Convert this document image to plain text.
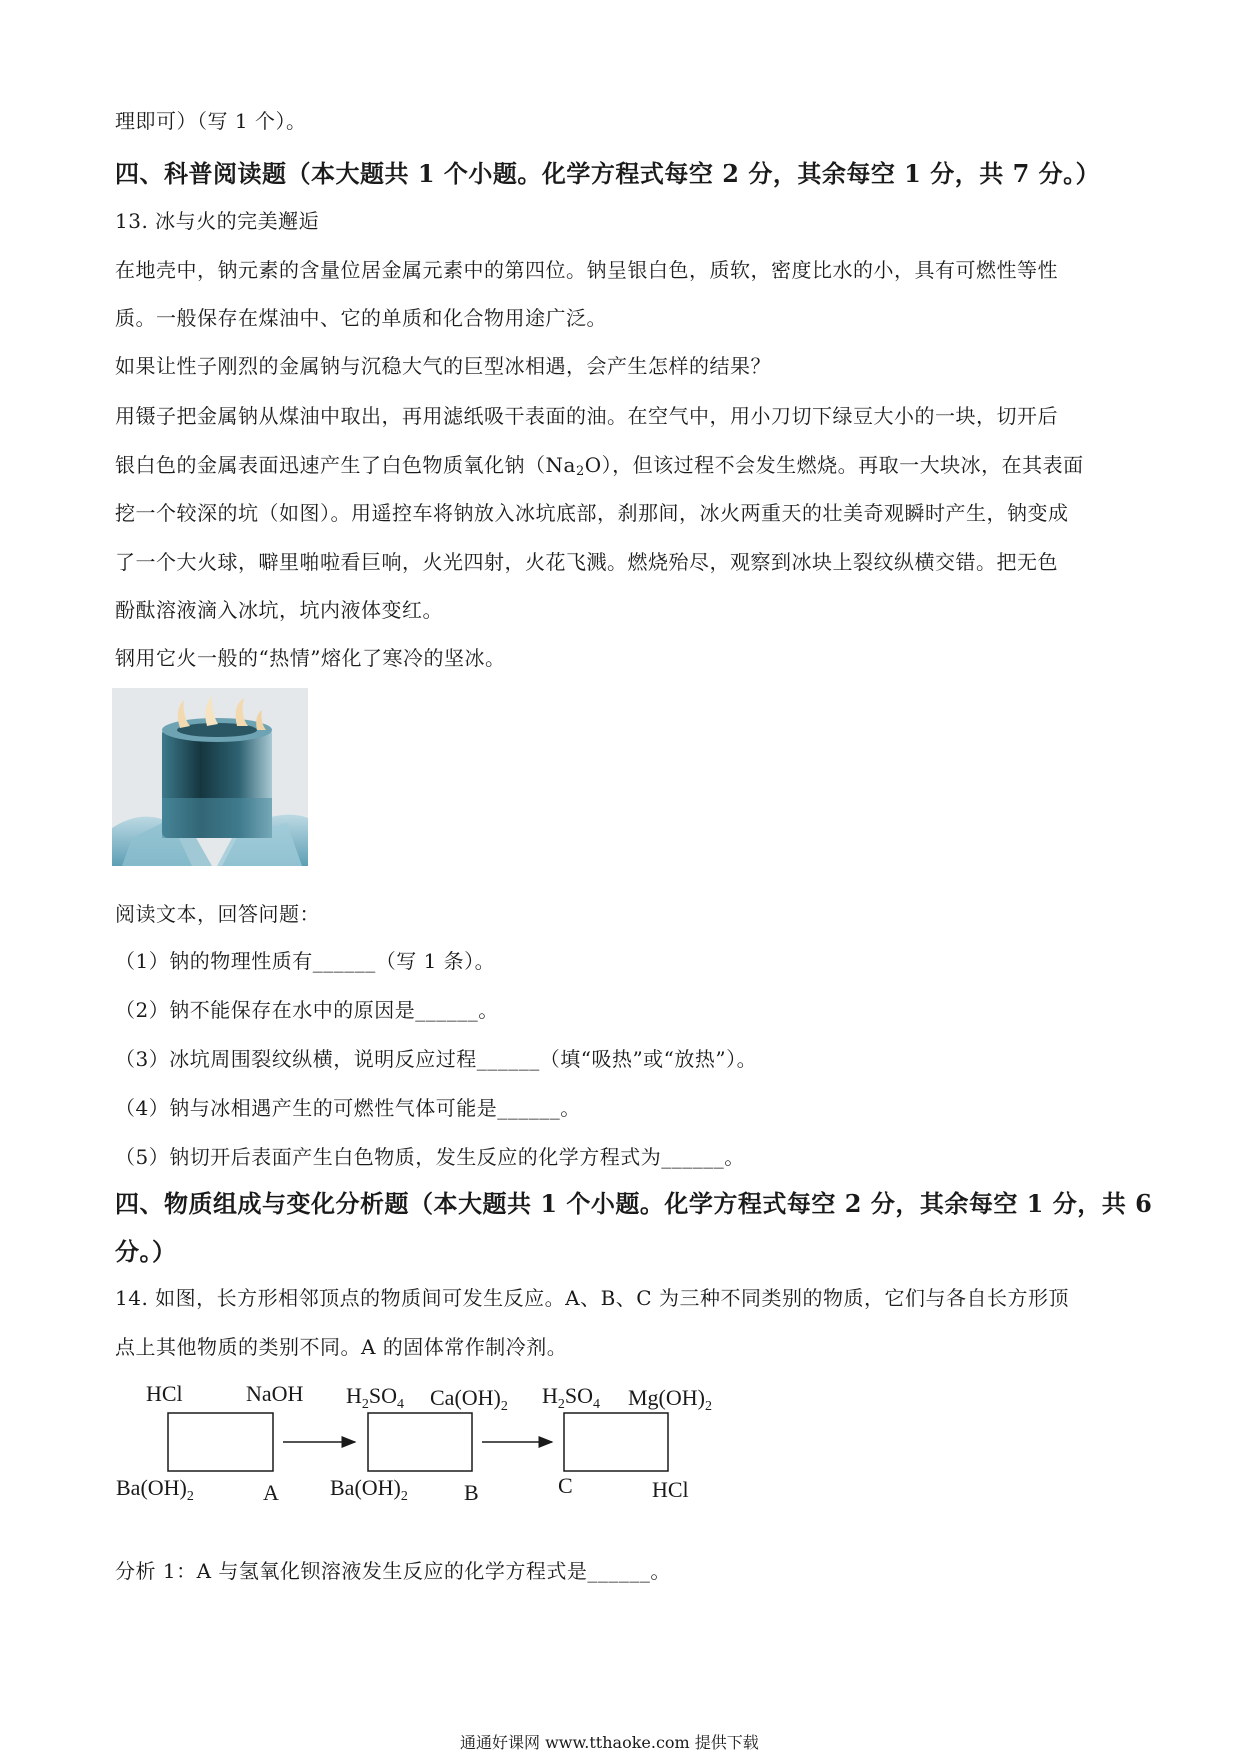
理即可）（写 1 个）。
四、科普阅读题（本大题共 1 个小题。化学方程式每空 2 分，其余每空 1 分，共 7 分。）
13. 冰与火的完美邂逅
在地壳中，钠元素的含量位居金属元素中的第四位。钠呈银白色，质软，密度比水的小，具有可燃性等性
质。一般保存在煤油中、它的单质和化合物用途广泛。
如果让性子刚烈的金属钠与沉稳大气的巨型冰相遇，会产生怎样的结果？
用镊子把金属钠从煤油中取出，再用滤纸吸干表面的油。在空气中，用小刀切下绿豆大小的一块，切开后
银白色的金属表面迅速产生了白色物质氧化钠$(Na_2O)$，但该过程不会发生燃烧。再取一大块冰，在其表面
挖一个较深的坑（如图）。用遥控车将钠放入冰坑底部，刹那间，冰火两重天的壮美奇观瞬时产生，钠变成
了一个大火球，噼里啪啦看巨响，火光四射，火花飞溅。燃烧殆尽，观察到冰块上裂纹纵横交错。把无色
酚酞溶液滴入冰坑，坑内液体变红。
钢用它火一般的“热情”熔化了寒冷的坚冰。
阅读文本，回答问题：
（1）钠的物理性质有______（写 1 条）。
（2）钠不能保存在水中的原因是______。
（3）冰坑周围裂纹纵横，说明反应过程______（填“吸热”或“放热”）。
（4）钠与冰相遇产生的可燃性气体可能是______。
（5）钠切开后表面产生白色物质，发生反应的化学方程式为______。
四、物质组成与变化分析题（本大题共 1 个小题。化学方程式每空 2 分，其余每空 1 分，共 6
分。）
14. 如图，长方形相邻顶点的物质间可发生反应。A、B、C 为三种不同类别的物质，它们与各自长方形顶
点上其他物质的类别不同。A 的固体常作制冷剂。
HCl	NaOH
$Ba(OH)_2$	A
$H_2SO_4$ $Ca(OH)_2$
$Ba(OH)_2$	B
$H_2SO_4$ $Mg(OH)_2$
C	HCl
分析 1：A 与氢氧化钡溶液发生反应的化学方程式是______。
通通好课网 www.tthaoke.com 提供下载
